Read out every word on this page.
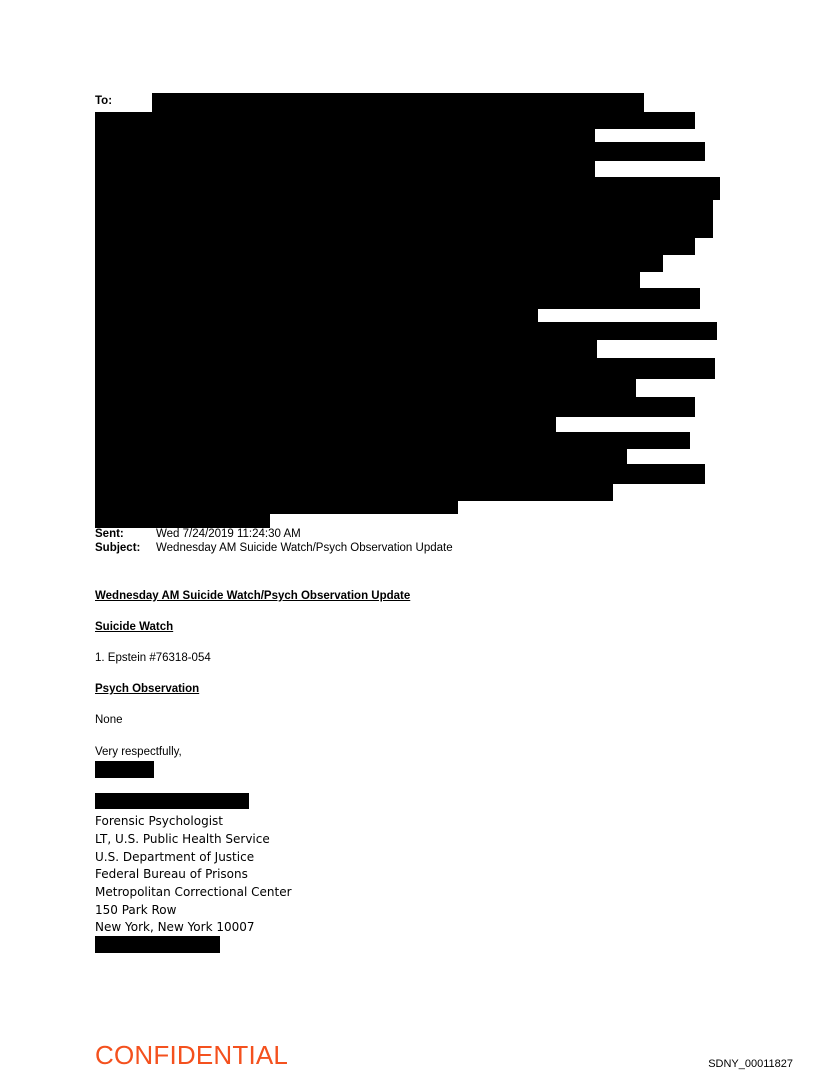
To:
From:
Sent:	Wed 7/24/2019 11:24:30 AM
Subject: Wednesday AM Suicide Watch/Psych Observation Update
Wednesday AM Suicide Watch/Psych Observation Update
Suicide Watch
1. Epstein #76318-054
Psych Observation
None
Very respectfully,
Forensic Psychologist
LT, U.S. Public Health Service
U.S. Department of Justice
Federal Bureau of Prisons
Metropolitan Correctional Center
150 Park Row
New York, New York 10007
CONFIDENTIAL	SDNY_00011827
